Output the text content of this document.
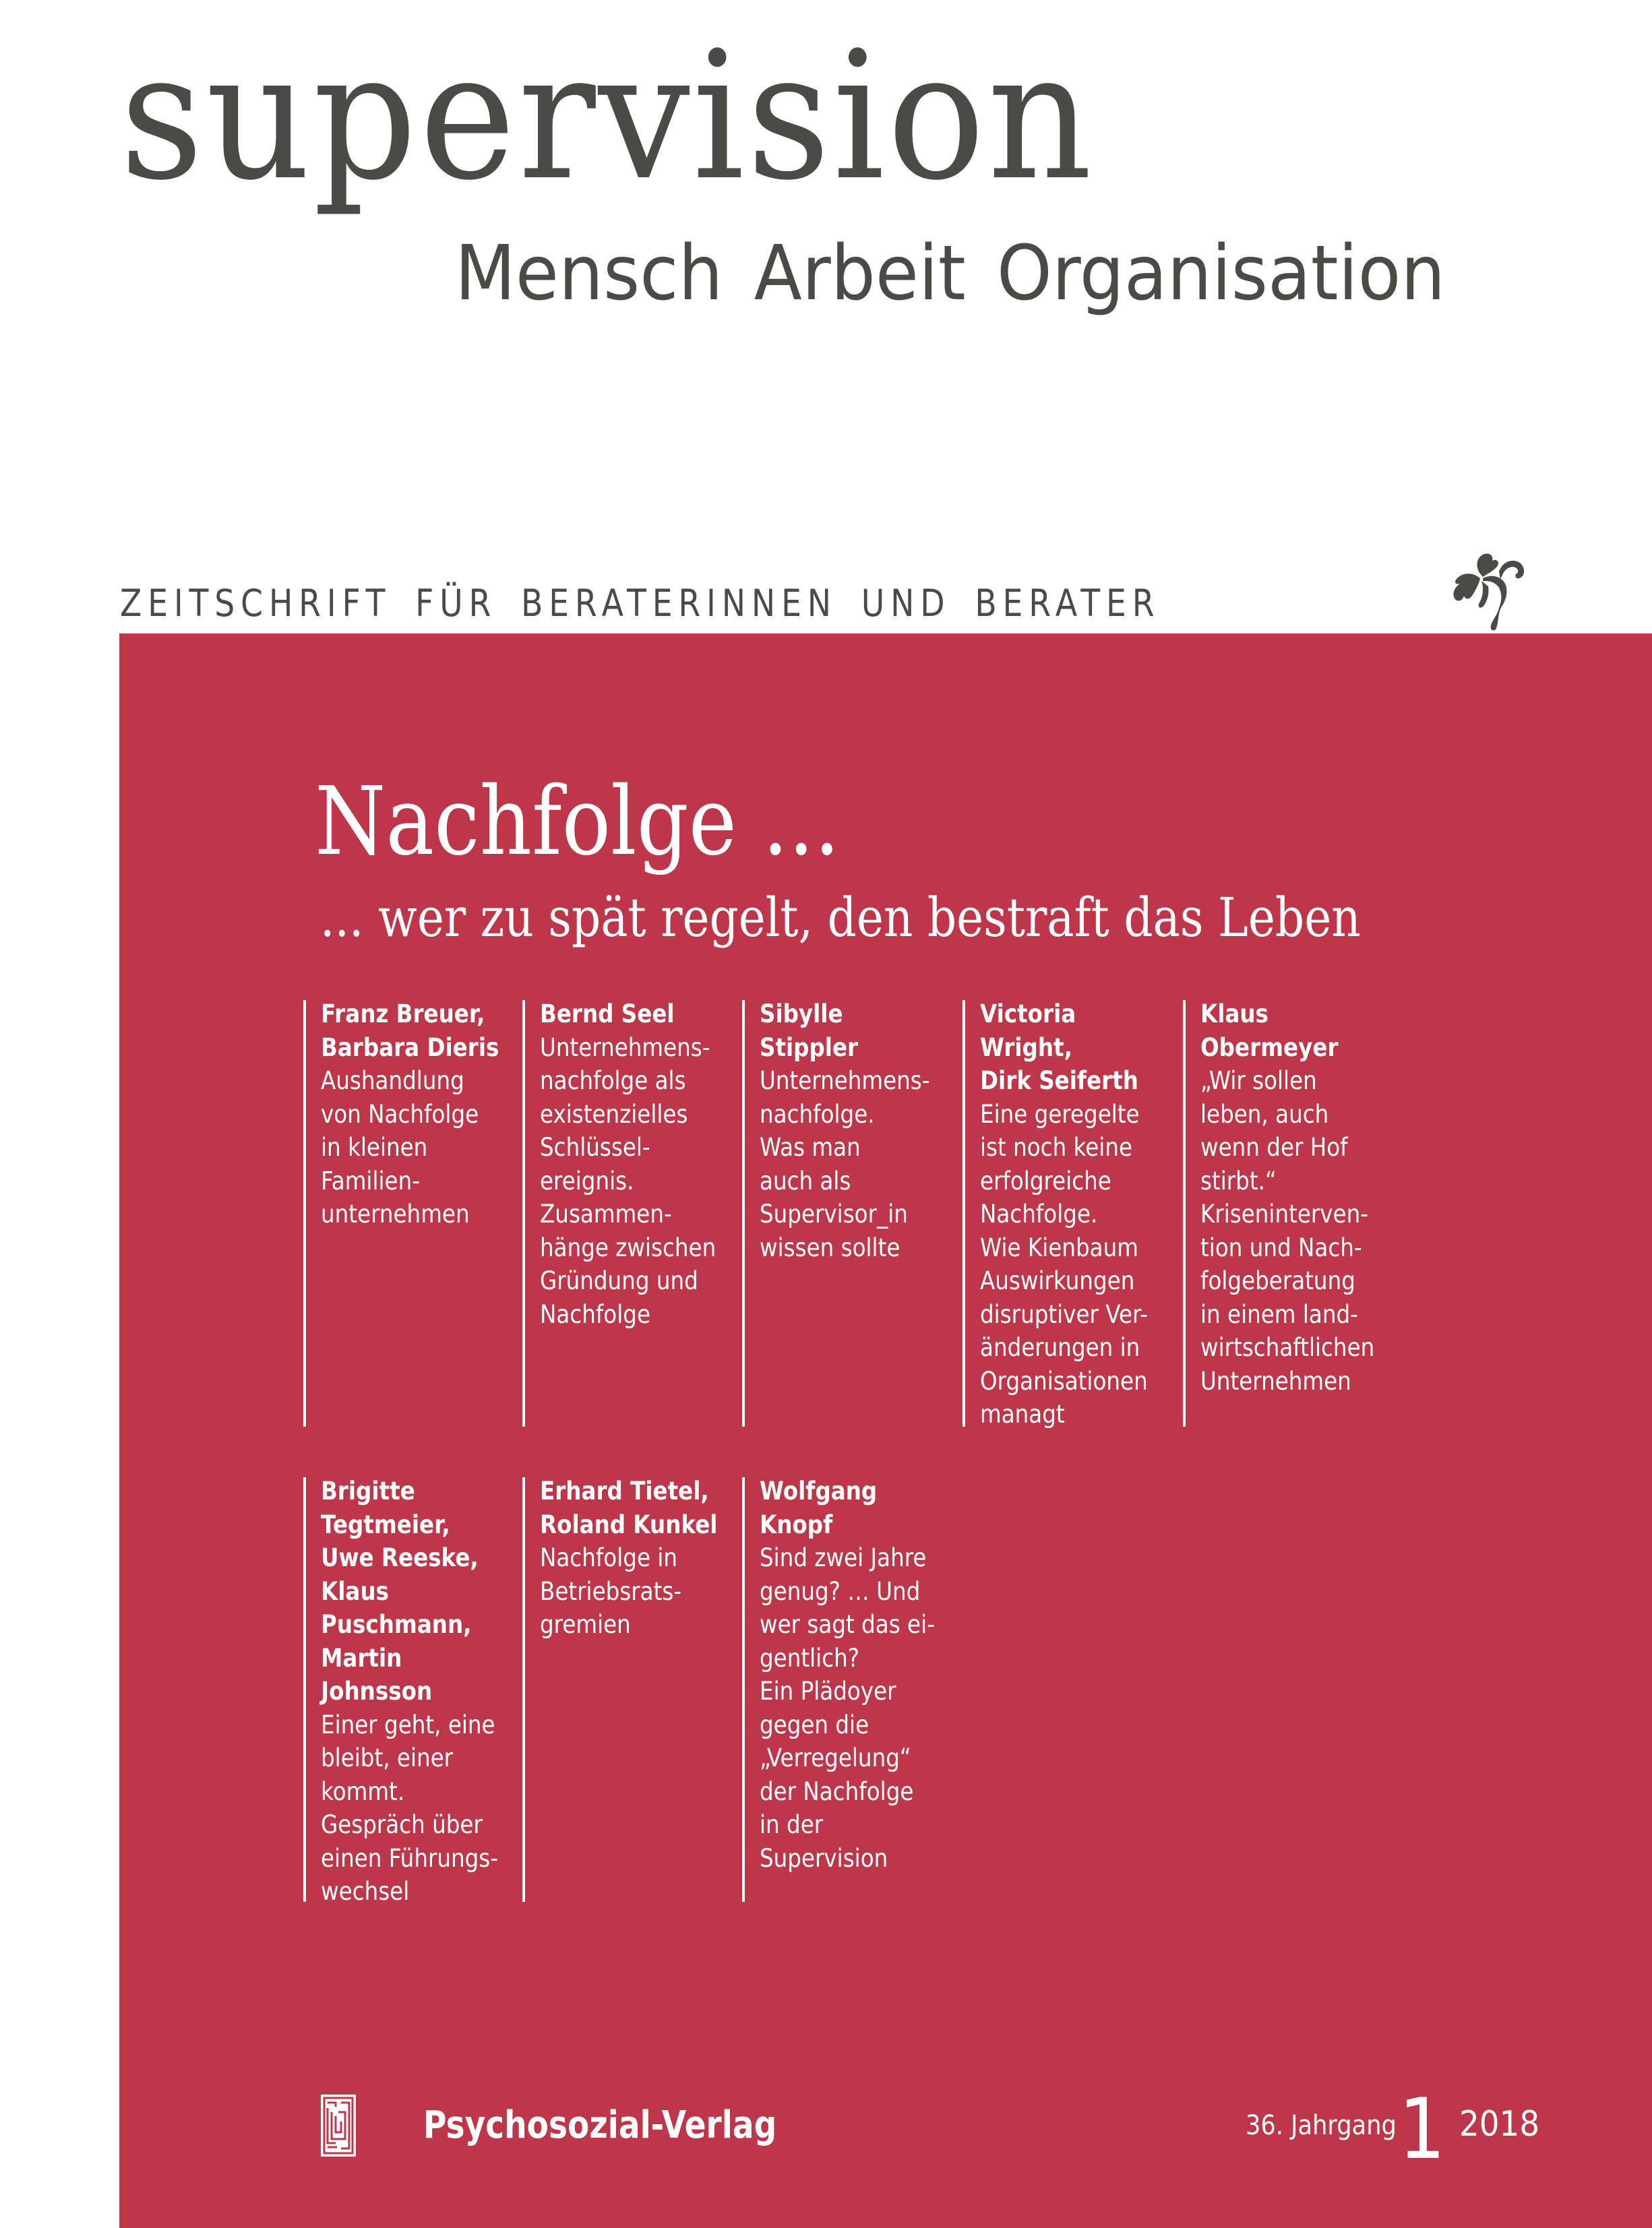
supervision
Mensch Arbeit Organisation
ZEITSCHRIFT FÜR BERATERINNEN UND BERATER
Nachfolge ...
... wer zu spät regelt, den bestraft das Leben

Franz Breuer,
Barbara Dieris

Aushandlung
von Nachfolge
in kleinen
Familien-
unternehmen

Bernd Seel

Unternehmens-
nachfolge als
existenzielles
Schlüssel-
ereignis.
Zusammen-
hänge zwischen
Gründung und
Nachfolge

Sibylle
Stippler

Unternehmens-
nachfolge.
Was man
auch als
Supervisor_in
wissen sollte

Victoria
Wright,
Dirk Seiferth

Eine geregelte
ist noch keine
erfolgreiche
Nachfolge.
Wie Kienbaum
Auswirkungen
disruptiver Ver-
änderungen in
Organisationen
managt

Klaus
Obermeyer

„Wir sollen
leben, auch
wenn der Hof
stirbt.“
Kriseninterven-
tion und Nach-
folgeberatung
in einem land-
wirtschaftlichen
Unternehmen

Brigitte
Tegtmeier,
Uwe Reeske,
Klaus
Puschmann,
Martin
Johnsson

Einer geht, eine
bleibt, einer
kommt.
Gespräch über
einen Führungs-
wechsel

Erhard Tietel,
Roland Kunkel

Nachfolge in
Betriebsrats-
gremien

Wolfgang
Knopf

Sind zwei Jahre
genug? … Und
wer sagt das ei-
gentlich?
Ein Plädoyer
gegen die
„Verregelung“
der Nachfolge
in der
Supervision

Psychosozial-Verlag	36. Jahrgang 1 2018
